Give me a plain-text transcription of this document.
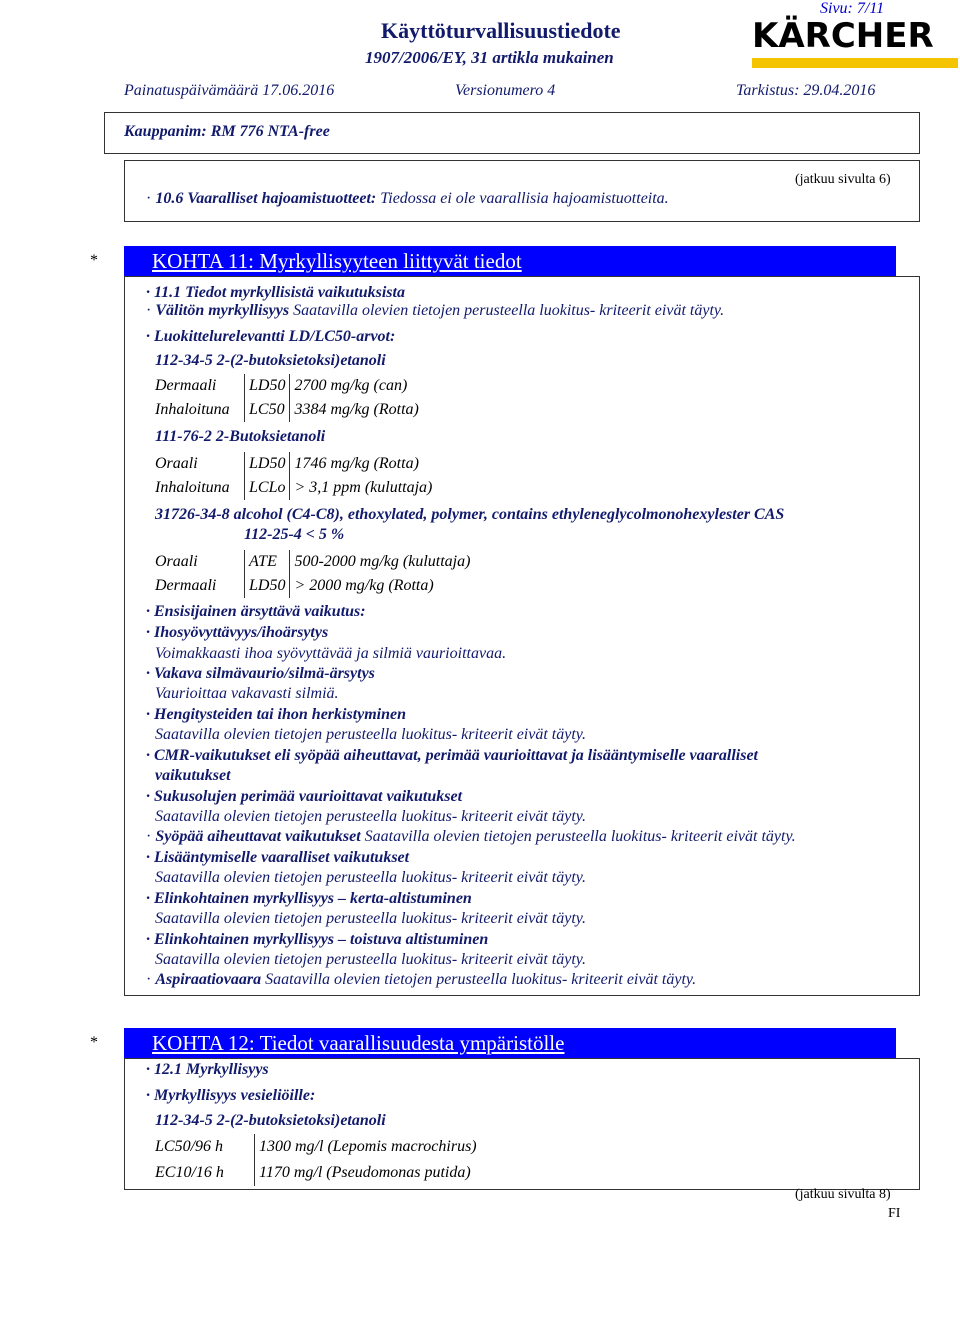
Sivu: 7/11
Käyttöturvallisuustiedote
1907/2006/EY, 31 artikla mukainen
KÄRCHER
Painatuspäivämäärä 17.06.2016	Versionumero 4	Tarkistus: 29.04.2016
Kauppanim: RM 776 NTA-free
(jatkuu sivulta 6)
· 10.6 Vaaralliset hajoamistuotteet: Tiedossa ei ole vaarallisia hajoamistuotteita.
*	KOHTA 11: Myrkyllisyyteen liittyvät tiedot
· 11.1 Tiedot myrkyllisistä vaikutuksista
· Välitön myrkyllisyys Saatavilla olevien tietojen perusteella luokitus- kriteerit eivät täyty.
· Luokittelurelevantti LD/LC50-arvot:
112-34-5 2-(2-butoksietoksi)etanoli
Dermaali	LD50	2700 mg/kg (can)
Inhaloituna	LC50	3384 mg/kg (Rotta)
111-76-2 2-Butoksietanoli
Oraali	LD50	1746 mg/kg (Rotta)
Inhaloituna	LCLo	> 3,1 ppm (kuluttaja)
31726-34-8 alcohol (C4-C8), ethoxylated, polymer, contains ethyleneglycolmonohexylester CAS
112-25-4 < 5 %
Oraali	ATE	500-2000 mg/kg (kuluttaja)
Dermaali	LD50	> 2000 mg/kg (Rotta)
· Ensisijainen ärsyttävä vaikutus:
· Ihosyövyttävyys/ihoärsytys
Voimakkaasti ihoa syövyttävää ja silmiä vaurioittavaa.
· Vakava silmävaurio/silmä-ärsytys
Vaurioittaa vakavasti silmiä.
· Hengitysteiden tai ihon herkistyminen
Saatavilla olevien tietojen perusteella luokitus- kriteerit eivät täyty.
· CMR-vaikutukset eli syöpää aiheuttavat, perimää vaurioittavat ja lisääntymiselle vaaralliset
vaikutukset
· Sukusolujen perimää vaurioittavat vaikutukset
Saatavilla olevien tietojen perusteella luokitus- kriteerit eivät täyty.
· Syöpää aiheuttavat vaikutukset Saatavilla olevien tietojen perusteella luokitus- kriteerit eivät täyty.
· Lisääntymiselle vaaralliset vaikutukset
Saatavilla olevien tietojen perusteella luokitus- kriteerit eivät täyty.
· Elinkohtainen myrkyllisyys – kerta-altistuminen
Saatavilla olevien tietojen perusteella luokitus- kriteerit eivät täyty.
· Elinkohtainen myrkyllisyys – toistuva altistuminen
Saatavilla olevien tietojen perusteella luokitus- kriteerit eivät täyty.
· Aspiraatiovaara Saatavilla olevien tietojen perusteella luokitus- kriteerit eivät täyty.
*	KOHTA 12: Tiedot vaarallisuudesta ympäristölle
· 12.1 Myrkyllisyys
· Myrkyllisyys vesieliöille:
112-34-5 2-(2-butoksietoksi)etanoli
LC50/96 h	1300 mg/l (Lepomis macrochirus)
EC10/16 h	1170 mg/l (Pseudomonas putida)
(jatkuu sivulta 8)
FI
